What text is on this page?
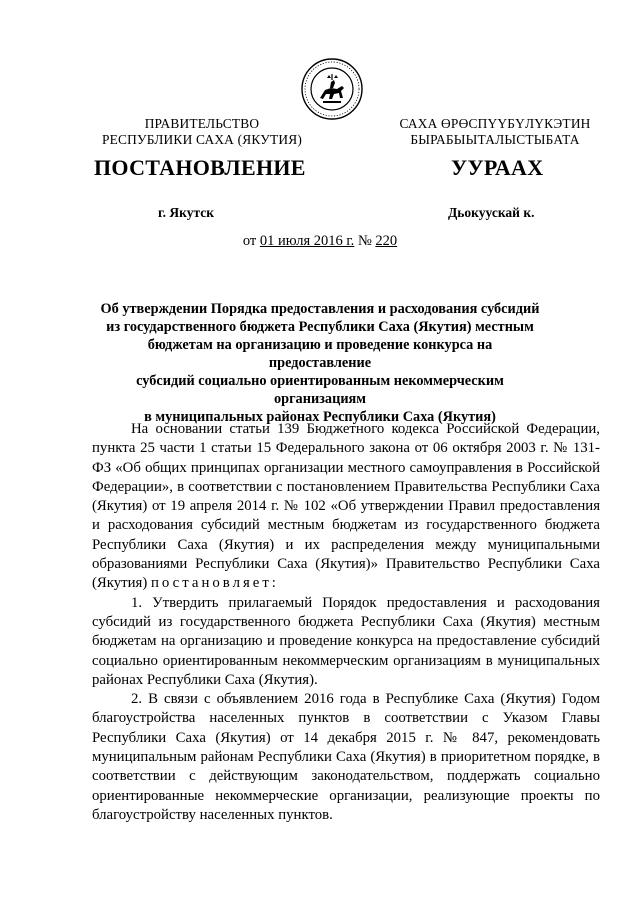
ПРАВИТЕЛЬСТВО
РЕСПУБЛИКИ САХА (ЯКУТИЯ)
САХА ӨРӨСПҮҮБҮЛҮКЭТИН
БЫРАБЫЫТАЛЫСТЫБАТА
ПОСТАНОВЛЕНИЕ	УУРААХ
г. Якутск	Дьокуускай к.
от 01 июля 2016 г. № 220
Об утверждении Порядка предоставления и расходования субсидий
из государственного бюджета Республики Саха (Якутия) местным
бюджетам на организацию и проведение конкурса на предоставление
субсидий социально ориентированным некоммерческим организациям
в муниципальных районах Республики Саха (Якутия)

На основании статьи 139 Бюджетного кодекса Российской Федерации, пункта 25 части 1 статьи 15 Федерального закона от 06 октября 2003 г. № 131-ФЗ «Об общих принципах организации местного самоуправления в Российской Федерации», в соответствии с постановлением Правительства Республики Саха (Якутия) от 19 апреля 2014 г. № 102 «Об утверждении Правил предоставления и расходования субсидий местным бюджетам из государственного бюджета Республики Саха (Якутия) и их распределения между муниципальными образованиями Республики Саха (Якутия)» Правительство Республики Саха (Якутия) постановляет:

1. Утвердить прилагаемый Порядок предоставления и расходования субсидий из государственного бюджета Республики Саха (Якутия) местным бюджетам на организацию и проведение конкурса на предоставление субсидий социально ориентированным некоммерческим организациям в муниципальных районах Республики Саха (Якутия).

2. В связи с объявлением 2016 года в Республике Саха (Якутия) Годом благоустройства населенных пунктов в соответствии с Указом Главы Республики Саха (Якутия) от 14 декабря 2015 г. № 847, рекомендовать муниципальным районам Республики Саха (Якутия) в приоритетном порядке, в соответствии с действующим законодательством, поддержать социально ориентированные некоммерческие организации, реализующие проекты по благоустройству населенных пунктов.
